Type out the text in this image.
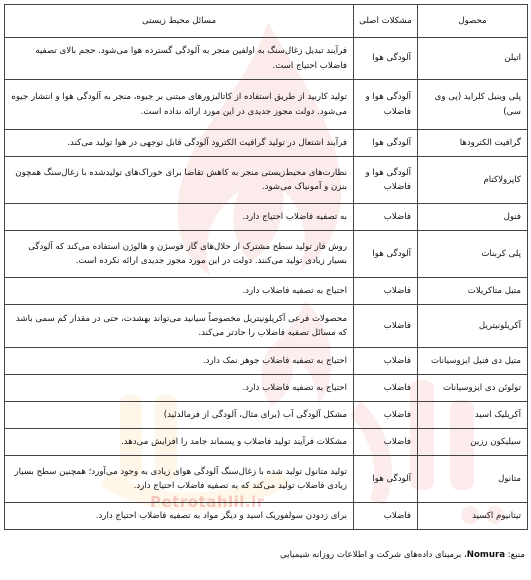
Petrotahlil.ir
محصول	مشکلات اصلی	مسائل محیط زیستی
اتیلن	آلودگی هوا	فرآیند تبدیل زغال‌سنگ به اولفین منجر به آلودگی گسترده هوا می‌شود. حجم بالای تصفیه فاضلاب احتیاج است.
پلی وینیل کلراید (پی وی سی)	آلودگی هوا و فاضلاب	تولید کاربید از طریق استفاده از کاتالیزورهای مبتنی بر جیوه، منجر به آلودگی هوا و انتشار جیوه می‌شود. دولت مجوز جدیدی در این مورد ارائه نداده است.
گرافیت الکترودها	آلودگی هوا	فرآیند اشتعال در تولید گرافیت الکترود آلودگی قابل توجهی در هوا تولید می‌کند.
کاپرولاکتام	آلودگی هوا و فاضلاب	نظارت‌های محیط‌زیستی منجر به کاهش تقاضا برای خوراک‌های تولیدشده با زغال‌سنگ همچون بنزن و آمونیاک می‌شود.
فنول	فاضلاب	به تصفیه فاضلاب احتیاج دارد.
پلی کربنات	آلودگی هوا	روش فاز تولید سطح مشترک از حلال‌های گاز فوسژن و هالوژن استفاده می‌کند که آلودگی بسیار زیادی تولید می‌کنند. دولت در این مورد مجوز جدیدی ارائه نکرده است.
متیل متاکریلات	فاضلاب	احتیاج به تصفیه فاضلاب دارد.
آکریلونیتریل	فاضلاب	محصولات فرعی آکریلونیتریل مخصوصاً سیانید می‌تواند بهشدت، حتی در مقدار کم سمی باشد که مسائل تصفیه فاضلاب را حادتر می‌کند.
متیل دی فنیل ایزوسیانات	فاضلاب	احتیاج به تصفیه فاضلاب جوهر نمک دارد.
تولوئن دی ایزوسیانات	فاضلاب	احتیاج به تصفیه فاضلاب دارد.
آکریلیک اسید	فاضلاب	مشکل آلودگی آب (برای مثال، آلودگی از فرمالدئید)
سیلیکون رزین	فاضلاب	مشکلات فرآیند تولید فاضلاب و پسماند جامد را افزایش می‌دهد.
متانول	آلودگی هوا	تولید متانول تولید شده با زغال‌سنگ آلودگی هوای زیادی به وجود می‌آورد؛ همچنین سطح بسیار زیادی فاضلاب تولید می‌کند که به تصفیه فاضلاب احتیاج دارد.
تیتانیوم اکسید	فاضلاب	برای زدودن سولفوریک اسید و دیگر مواد به تصفیه فاضلاب احتیاج دارد.
منبع: Nomura، برمبنای داده‌های شرکت و اطلاعات روزانه شیمیایی
